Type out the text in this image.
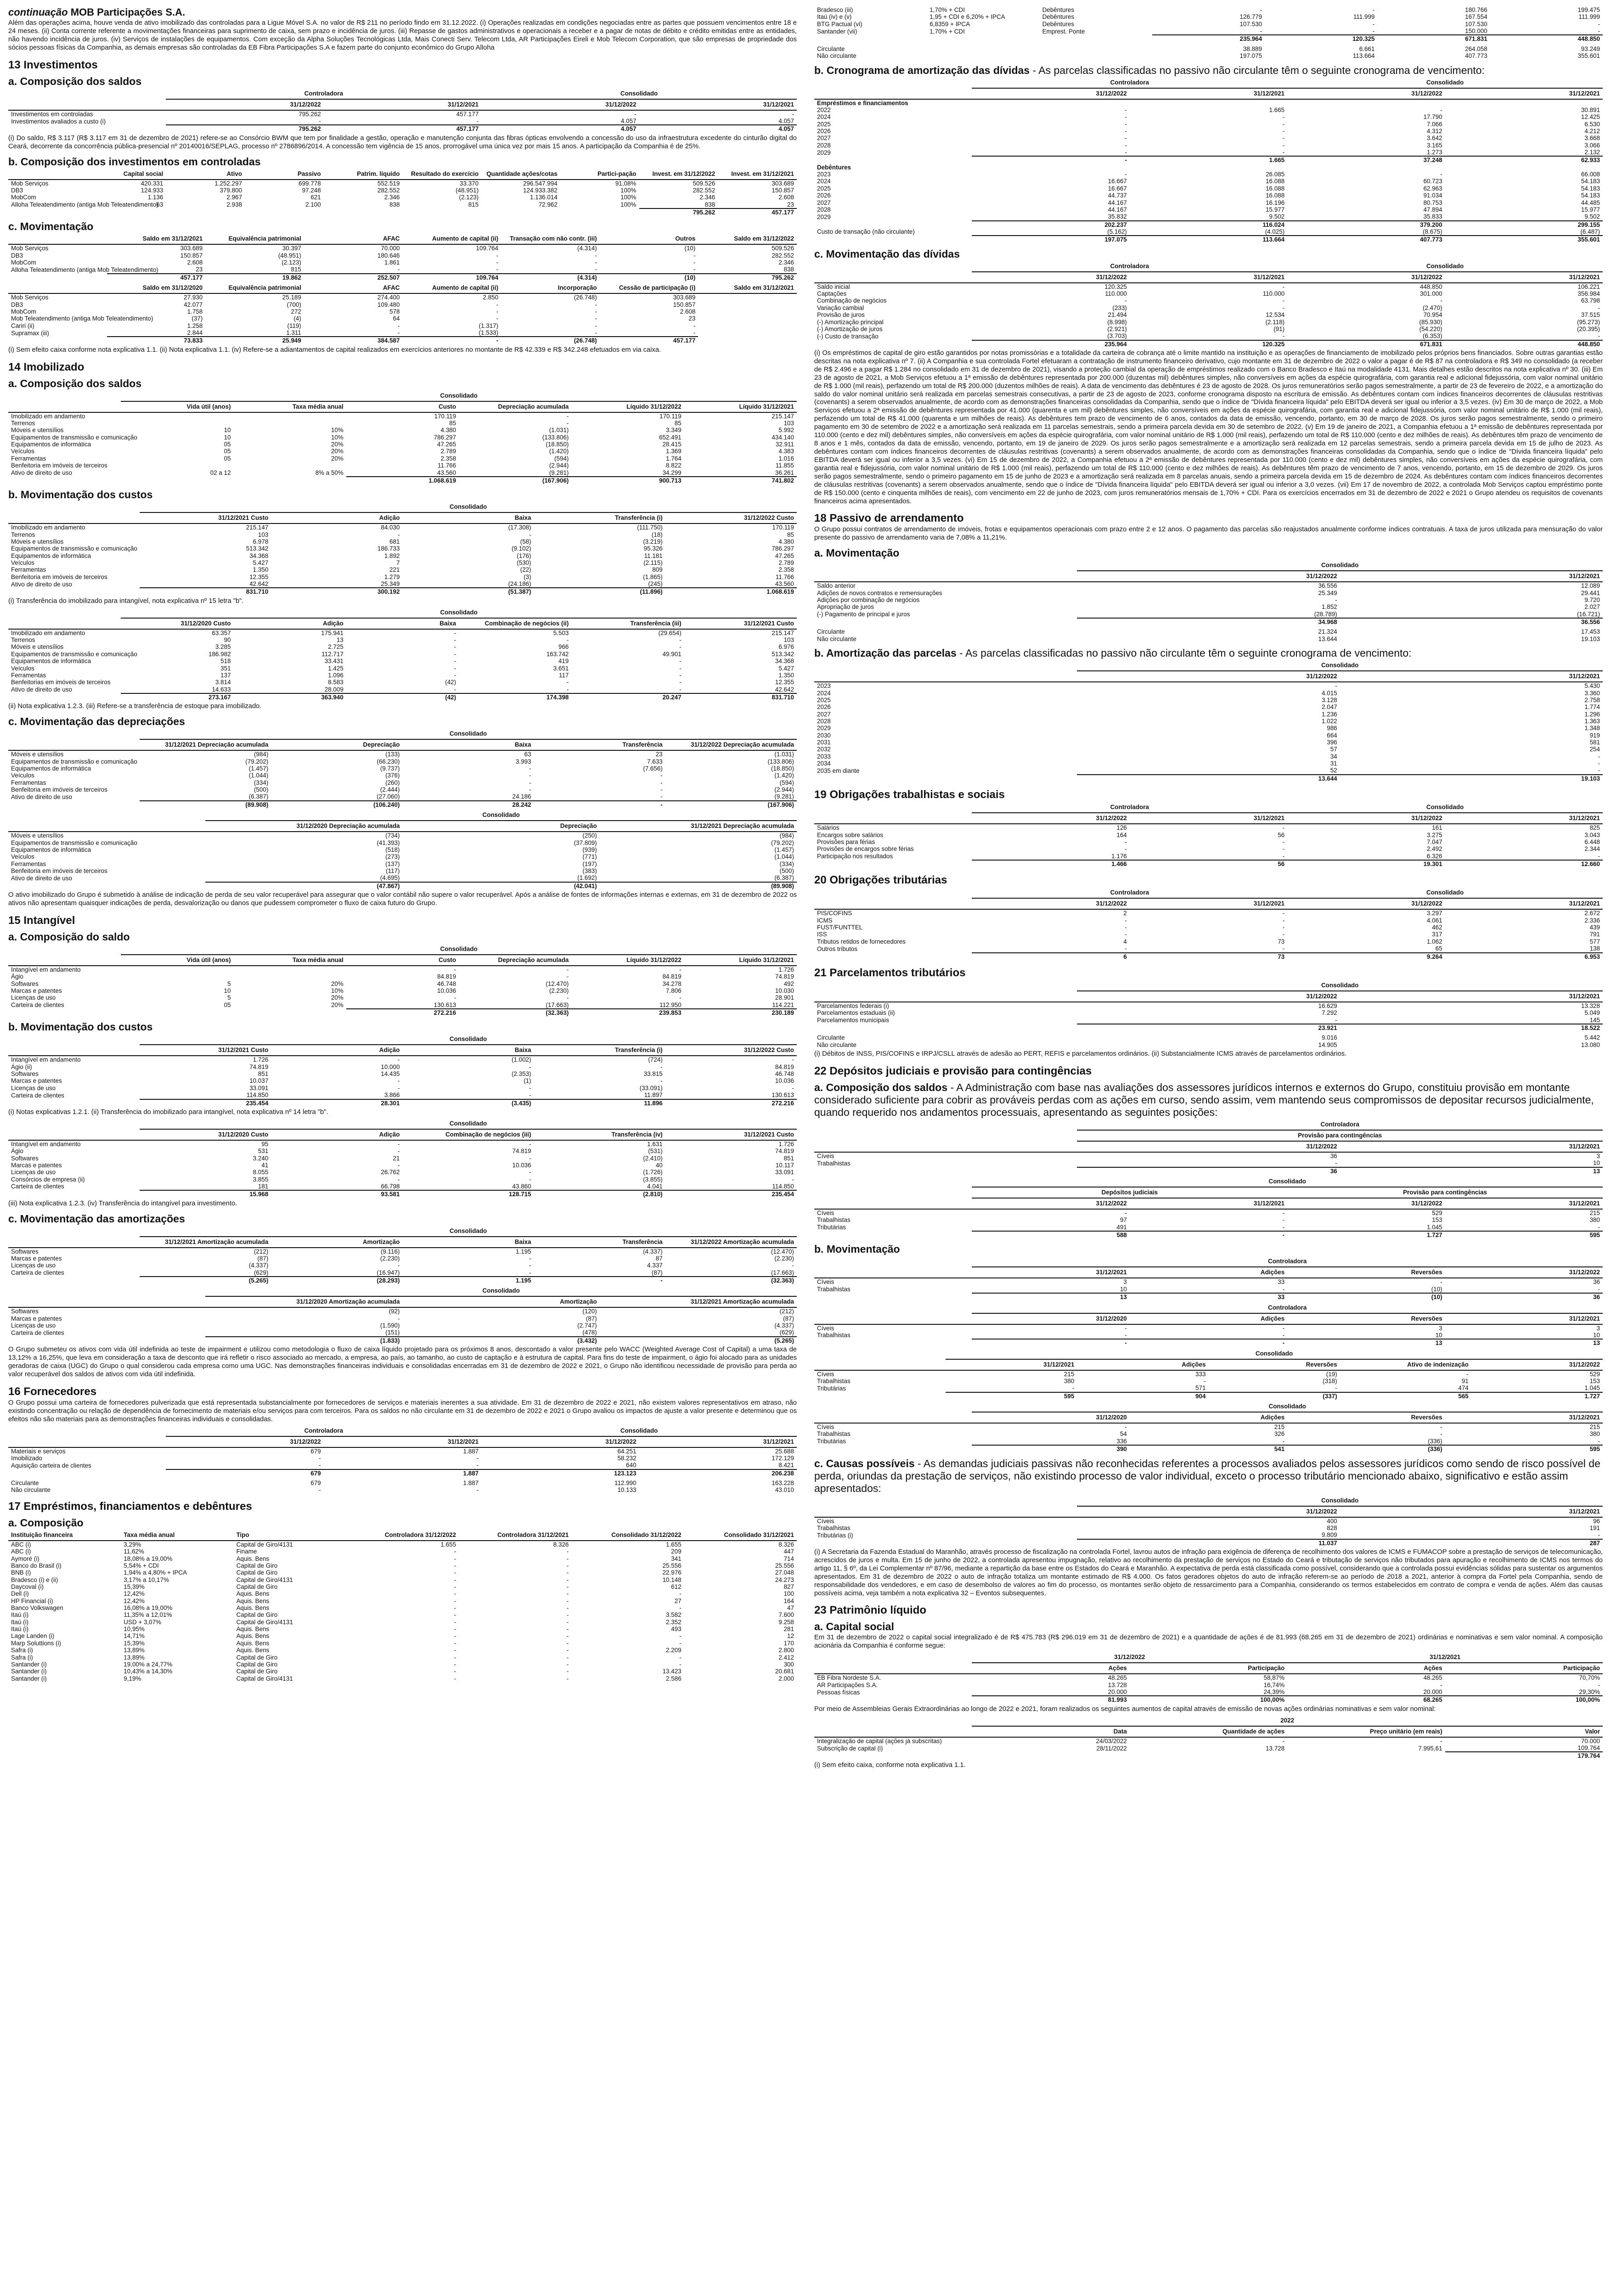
continuação MOB Participações S.A.

Além das operações acima, houve venda de ativo imobilizado das controladas para a Ligue Móvel S.A. no valor de R$ 211 no período findo em 31.12.2022. (i) Operações realizadas em condições negociadas entre as partes que possuem vencimentos entre 18 e 24 meses. (ii) Conta corrente referente a movimentações financeiras para suprimento de caixa, sem prazo e incidência de juros. (iii) Repasse de gastos administrativos e operacionais a receber e a pagar de notas de débito e crédito emitidas entre as entidades, não havendo incidência de juros. (iv) Serviços de instalações de equipamentos. Com exceção da Alpha Soluções Tecnológicas Ltda, Mais Conecti Serv. Telecom Ltda, AR Participações Eireli e Mob Telecom Corporation, que são empresas de propriedade dos sócios pessoas físicas da Companhia, as demais empresas são controladas da EB Fibra Participações S.A e fazem parte do conjunto econômico do Grupo Alloha

13 Investimentos
a. Composição dos saldos
	Controladora		Consolidado	
	31/12/2022	31/12/2021	31/12/2022	31/12/2021
Investimentos em controladas	795.262	457.177	-	-
Investimentos avaliados a custo (i)	-	-	4.057	4.057
	795.262	457.177	4.057	4.057

(i) Do saldo, R$ 3.117 (R$ 3.117 em 31 de dezembro de 2021) refere-se ao Consórcio BWM que tem por finalidade a gestão, operação e manutenção conjunta das fibras ópticas envolvendo a concessão do uso da infraestrutura excedente do cinturão digital do Ceará, decorrente da concorrência pública-presencial nº 20140016/SEPLAG, processo nº 2786896/2014. A concessão tem vigência de 15 anos, prorrogável uma única vez por mais 15 anos. A participação da Companhia é de 25%.

b. Composição dos investimentos em controladas
	Capital social	Ativo	Passivo	Patrim. líquido	Resultado do exercício	Quantidade ações/cotas	Partici-pação	Invest. em 31/12/2022	Invest. em 31/12/2021
Mob Serviços	420.331	1.252.297	699.778	552.519	33.370	296.547.994	91,08%	509.526	303.689
DB3	124.933	379.800	97.248	282.552	(48.951)	124.933.382	100%	282.552	150.857
MobCom	1.136	2.967	621	2.346	(2.123)	1.136.014	100%	2.346	2.608
Alloha Teleatendimento (antiga Mob Teleatendimento)	63	2.938	2.100	838	815	72.962	100%	838	23
								795.262	457.177
c. Movimentação
	Saldo em 31/12/2021	Equivalência patrimonial	AFAC	Aumento de capital (ii)	Transação com não contr. (iii)	Outros	Saldo em 31/12/2022
Mob Serviços	303.689	30.397	70.000	109.764	(4.314)	(10)	509.526
DB3	150.857	(48.951)	180.646	-	-	-	282.552
MobCom	2.608	(2.123)	1.861	-	-	-	2.346
Alloha Teleatendimento (antiga Mob Teleatendimento)	23	815	-	-	-	-	838
	457.177	19.862	252.507	109.764	(4.314)	(10)	795.262
	Saldo em 31/12/2020	Equivalência patrimonial	AFAC	Aumento de capital (ii)	Incorporação	Cessão de participação (i)	Saldo em 31/12/2021
Mob Serviços	27.930	25.189	274.400	2.850	(26.748)	303.689	
DB3	42.077	(700)	109.480	-	-	150.857	
MobCom	1.758	272	578	-	-	2.608	
Mob Teleatendimento (antiga Mob Teleatendimento)	(37)	(4)	64	-	-	23	
Cariri (ii)	1.258	(119)	-	(1.317)	-	-	
Supramax (iii)	2.844	1.311	-	(1.533)	-	-	
	73.833	25.949	384.587	-	(26.748)	457.177	

(i) Sem efeito caixa conforme nota explicativa 1.1. (ii) Nota explicativa 1.1. (iv) Refere-se a adiantamentos de capital realizados em exercícios anteriores no montante de R$ 42.339 e R$ 342.248 efetuados em via caixa.

14 Imobilizado
a. Composição dos saldos
	Consolidado					
	Vida útil (anos)	Taxa média anual	Custo	Depreciação acumulada	Líquido 31/12/2022	Líquido 31/12/2021
Imobilizado em andamento			170.119	-	170.119	215.147
Terrenos			85	-	85	103
Móveis e utensílios	10	10%	4.380	(1.031)	3.349	5.992
Equipamentos de transmissão e comunicação	10	10%	786.297	(133.806)	652.491	434.140
Equipamentos de informática	05	20%	47.265	(18.850)	28.415	32.911
Veículos	05	20%	2.789	(1.420)	1.369	4.383
Ferramentas	05	20%	2.358	(594)	1.764	1.016
Benfeitoria em imóveis de terceiros			11.766	(2.944)	8.822	11.855
Ativo de direito de uso	02 a 12	8% a 50%	43.560	(9.281)	34.299	36.261
			1.068.619	(167.906)	900.713	741.802
b. Movimentação dos custos
	Consolidado				
	31/12/2021 Custo	Adição	Baixa	Transferência (i)	31/12/2022 Custo
Imobilizado em andamento	215.147	84.030	(17.308)	(111.750)	170.119
Terrenos	103	-	-	(18)	85
Móveis e utensílios	6.978	681	(58)	(3.219)	4.380
Equipamentos de transmissão e comunicação	513.342	186.733	(9.102)	95.326	786.297
Equipamentos de informática	34.368	1.892	(176)	11.181	47.265
Veículos	5.427	7	(530)	(2.115)	2.789
Ferramentas	1.350	221	(22)	809	2.358
Benfeitoria em imóveis de terceiros	12.355	1.279	(3)	(1.865)	11.766
Ativo de direito de uso	42.642	25.349	(24.186)	(245)	43.560
	831.710	300.192	(51.387)	(11.896)	1.068.619

(i) Transferência do imobilizado para intangível, nota explicativa nº 15 letra "b".

	Consolidado					
	31/12/2020 Custo	Adição	Baixa	Combinação de negócios (ii)	Transferência (iii)	31/12/2021 Custo
Imobilizado em andamento	63.357	175.941	-	5.503	(29.654)	215.147
Terrenos	90	13	-	-	-	103
Móveis e utensílios	3.285	2.725	-	966	-	6.976
Equipamentos de transmissão e comunicação	186.982	112.717	-	163.742	49.901	513.342
Equipamentos de informática	518	33.431	-	419	-	34.368
Veículos	351	1.425	-	3.651	-	5.427
Ferramentas	137	1.096	-	117	-	1.350
Benfeitorias em imóveis de terceiros	3.814	8.583	(42)	-	-	12.355
Ativo de direito de uso	14.633	28.009	-	-	-	42.642
	273.167	363.940	(42)	174.398	20.247	831.710

(ii) Nota explicativa 1.2.3. (iii) Refere-se a transferência de estoque para imobilizado.

c. Movimentação das depreciações
	Consolidado				
	31/12/2021 Depreciação acumulada	Depreciação	Baixa	Transferência	31/12/2022 Depreciação acumulada
Móveis e utensílios	(984)	(133)	63	23	(1.031)
Equipamentos de transmissão e comunicação	(79.202)	(66.230)	3.993	7.633	(133.806)
Equipamentos de informática	(1.457)	(9.737)	-	(7.656)	(18.850)
Veículos	(1.044)	(376)	-	-	(1.420)
Ferramentas	(334)	(260)	-	-	(594)
Benfeitoria em imóveis de terceiros	(500)	(2.444)	-	-	(2.944)
Ativo de direito de uso	(6.387)	(27.060)	24.186	-	(9.281)
	(89.908)	(106.240)	28.242	-	(167.906)
	Consolidado		
	31/12/2020 Depreciação acumulada	Depreciação	31/12/2021 Depreciação acumulada
Móveis e utensílios	(734)	(250)	(984)
Equipamentos de transmissão e comunicação	(41.393)	(37.809)	(79.202)
Equipamentos de informática	(518)	(939)	(1.457)
Veículos	(273)	(771)	(1.044)
Ferramentas	(137)	(197)	(334)
Benfeitoria em imóveis de terceiros	(117)	(383)	(500)
Ativo de direito de uso	(4.695)	(1.692)	(6.387)
	(47.867)	(42.041)	(89.908)

O ativo imobilizado do Grupo é submetido à análise de indicação de perda de seu valor recuperável para assegurar que o valor contábil não supere o valor recuperável. Após a análise de fontes de informações internas e externas, em 31 de dezembro de 2022 os ativos não apresentam quaisquer indicações de perda, desvalorização ou danos que pudessem comprometer o fluxo de caixa futuro do Grupo.

15 Intangível
a. Composição do saldo
	Consolidado					
	Vida útil (anos)	Taxa média anual	Custo	Depreciação acumulada	Líquido 31/12/2022	Líquido 31/12/2021
Intangível em andamento			-	-	-	1.726
Ágio			84.819	-	84.819	74.819
Softwares	5	20%	46.748	(12.470)	34.278	492
Marcas e patentes	10	10%	10.036	(2.230)	7.806	10.030
Licenças de uso	5	20%	-	-	-	28.901
Carteira de clientes	05	20%	130.613	(17.663)	112.950	114.221
			272.216	(32.363)	239.853	230.189
b. Movimentação dos custos
	Consolidado				
	31/12/2021 Custo	Adição	Baixa	Transferência (i)	31/12/2022 Custo
Intangível em andamento	1.726	-	(1.002)	(724)	-
Ágio (ii)	74.819	10.000	-	-	84.819
Softwares	851	14.435	(2.353)	33.815	46.748
Marcas e patentes	10.037	-	(1)	-	10.036
Licenças de uso	33.091	-	-	(33.091)	-
Carteira de clientes	114.850	3.866	-	11.897	130.613
	235.454	28.301	(3.435)	11.896	272.216

(i) Notas explicativas 1.2.1. (ii) Transferência do imobilizado para intangível, nota explicativa nº 14 letra "b".

	Consolidado				
	31/12/2020 Custo	Adição	Combinação de negócios (iii)	Transferência (iv)	31/12/2021 Custo
Intangível em andamento	95	-	-	1.631	1.726
Ágio	531	-	74.819	(531)	74.819
Softwares	3.240	21	-	(2.410)	851
Marcas e patentes	41	-	10.036	40	10.117
Licenças de uso	8.055	26.762	-	(1.726)	33.091
Consórcios de empresa (ii)	3.855	-	-	(3.855)	-
Carteira de clientes	181	66.798	43.860	4.041	114.850
	15.968	93.581	128.715	(2.810)	235.454

(iii) Nota explicativa 1.2.3. (iv) Transferência do intangível para investimento.

c. Movimentação das amortizações
	Consolidado				
	31/12/2021 Amortização acumulada	Amortização	Baixa	Transferência	31/12/2022 Amortização acumulada
Softwares	(212)	(9.116)	1.195	(4.337)	(12.470)
Marcas e patentes	(87)	(2.230)	-	87	(2.230)
Licenças de uso	(4.337)	-	-	4.337	-
Carteira de clientes	(629)	(16.947)	-	(87)	(17.663)
	(5.265)	(28.293)	1.195	-	(32.363)
	Consolidado		
	31/12/2020 Amortização acumulada	Amortização	31/12/2021 Amortização acumulada
Softwares	(92)	(120)	(212)
Marcas e patentes	-	(87)	(87)
Licenças de uso	(1.590)	(2.747)	(4.337)
Carteira de clientes	(151)	(478)	(629)
	(1.833)	(3.432)	(5.265)

O Grupo submeteu os ativos com vida útil indefinida ao teste de impairment e utilizou como metodologia o fluxo de caixa líquido projetado para os próximos 8 anos, descontado a valor presente pelo WACC (Weighted Average Cost of Capital) a uma taxa de 13,12% a 16,25%, que leva em consideração a taxa de desconto que irá refletir o risco associado ao mercado, a empresa, ao país, ao tamanho, ao custo de captação e à estrutura de capital. Para fins do teste de impairment, o ágio foi alocado para as unidades geradoras de caixa (UGC) do Grupo o qual considerou cada empresa como uma UGC. Nas demonstrações financeiras individuais e consolidadas encerradas em 31 de dezembro de 2022 e 2021, o Grupo não identificou necessidade de provisão para perda ao valor recuperável dos saldos de ativos com vida útil indefinida.

16 Fornecedores

O Grupo possui uma carteira de fornecedores pulverizada que está representada substancialmente por fornecedores de serviços e materiais inerentes a sua atividade. Em 31 de dezembro de 2022 e 2021, não existem valores representativos em atraso, não existindo concentração ou relação de dependência de fornecimento de materiais e/ou serviços para com terceiros. Para os saldos no não circulante em 31 de dezembro de 2022 e 2021 o Grupo avaliou os impactos de ajuste a valor presente e determinou que os efeitos não são materiais para as demonstrações financeiras individuais e consolidadas.

	Controladora		Consolidado	
	31/12/2022	31/12/2021	31/12/2022	31/12/2021
Materiais e serviços	679	1.887	64.251	25.688
Imobilizado	-	-	58.232	172.129
Aquisição carteira de clientes	-	-	640	8.421
	679	1.887	123.123	206.238

Circulante	679	1.887	112.990	163.228
Não circulante	-	-	10.133	43.010
17 Empréstimos, financiamentos e debêntures
a. Composição
Instituição financeira	Taxa média anual	Tipo	Controladora 31/12/2022	Controladora 31/12/2021	Consolidado 31/12/2022	Consolidado 31/12/2021
ABC (i)	3,29%	Capital de Giro/4131	1.655	8.326	1.655	8.326
ABC (i)	11,62%	Finame	-	-	209	447
Aymoré (i)	18,08% a 19,00%	Aquis. Bens	-	-	341	714
Banco do Brasil (i)	5,54% + CDI	Capital de Giro	-	-	25.556	25.556
BNB (i)	1,94% a 4,80% + IPCA	Capital de Giro	-	-	22.976	27.048
Bradesco (i) e (ii)	3,17% a 10,17%	Capital de Giro/4131	-	-	10.148	24.273
Daycoval (i)	15,39%	Capital de Giro	-	-	612	827
Dell (i)	12,42%	Aquis. Bens	-	-	-	100
HP Financial (i)	12,42%	Aquis. Bens	-	-	27	164
Banco Volkswagen	16,08% a 19,00%	Aquis. Bens	-	-	-	47
Itaú (i)	11,35% a 12,01%	Capital de Giro	-	-	3.582	7.600
Itaú (i)	USD + 3,07%	Capital de Giro/4131	-	-	2.352	9.258
Itaú (i)	10,95%	Aquis. Bens	-	-	493	281
Lage Landen (i)	14,71%	Aquis. Bens	-	-	-	12
Marp Soluttions (i)	15,39%	Aquis. Bens	-	-	-	170
Safra (i)	13,89%	Aquis. Bens	-	-	2.209	2.800
Safra (i)	13,89%	Capital de Giro	-	-	-	2.412
Santander (i)	19,00% a 24,77%	Capital de Giro	-	-	-	300
Santander (i)	10,43% a 14,30%	Capital de Giro	-	-	13.423	20.681
Santander (i)	9,19%	Capital de Giro/4131	-	-	2.586	2.000
Bradesco (iii)	1,70% + CDI	Debêntures	-	-	180.766	199.475
Itaú (iv) e (v)	1,95 + CDI e 6,20% + IPCA	Debêntures	126.779	111.999	167.554	111.999
BTG Pactual (vi)	6,8359 + IPCA	Debêntures	107.530	-	107.530	-
Santander (vii)	1,70% + CDI	Emprest. Ponte	-	-	150.000	-
			235.964	120.325	671.831	448.850

Circulante			38.889	6.661	264.058	93.249
Não circulante			197.075	113.664	407.773	355.601
b. Cronograma de amortização das dívidas - As parcelas classificadas no passivo não circulante têm o seguinte cronograma de vencimento:
	Controladora		Consolidado	
	31/12/2022	31/12/2021	31/12/2022	31/12/2021
Empréstimos e financiamentos				
2022	-	1.665	-	30.891
2024	-	-	17.790	12.425
2025	-	-	7.066	6.530
2026	-	-	4.312	4.212
2027	-	-	3.642	3.668
2028	-	-	3.165	3.066
2029	-	-	1.273	2.132
	-	1.665	37.248	62.933
Debêntures				
2023	-	26.085	-	66.008
2024	16.667	16.088	60.723	54.183
2025	16.667	16.088	62.963	54.183
2026	44.737	16.088	91.034	54.183
2027	44.167	16.196	80.753	44.485
2028	44.167	15.977	47.894	15.977
2029	35.832	9.502	35.833	9.502
	202.237	116.024	379.200	299.155
Custo de transação (não circulante)	(5.162)	(4.025)	(8.675)	(6.487)
	197.075	113.664	407.773	355.601
c. Movimentação das dívidas
	Controladora		Consolidado	
	31/12/2022	31/12/2021	31/12/2022	31/12/2021
Saldo inicial	120.325	-	448.850	106.221
Captações	110.000	110.000	301.000	356.984
Combinação de negócios	-	-	-	63.798
Variação cambial	(233)	-	(2.470)	-
Provisão de juros	21.494	12.534	70.954	37.515
(-) Amortização principal	(8.998)	(2.118)	(85.930)	(95.273)
(-) Amortização de juros	(2.921)	(91)	(54.220)	(20.395)
(-) Custo de transação	(3.703)	-	(6.353)	-
	235.964	120.325	671.831	448.850

(i) Os empréstimos de capital de giro estão garantidos por notas promissórias e a totalidade da carteira de cobrança até o limite mantido na instituição e as operações de financiamento de imobilizado pelos próprios bens financiados. Sobre outras garantias estão descritas na nota explicativa nº 7. (ii) A Companhia e sua controlada Fortel efetuaram a contratação de instrumento financeiro derivativo, cujo montante em 31 de dezembro de 2022 o valor a pagar é de R$ 87 na controladora e R$ 349 no consolidado (a receber de R$ 2.496 e a pagar R$ 1.284 no consolidado em 31 de dezembro de 2021), visando a proteção cambial da operação de empréstimos realizado com o Banco Bradesco e Itaú na modalidade 4131. Mais detalhes estão descritos na nota explicativa nº 30. (iii) Em 23 de agosto de 2021, a Mob Serviços efetuou a 1ª emissão de debêntures representada por 200.000 (duzentas mil) debêntures simples, não conversíveis em ações da espécie quirografária, com garantia real e adicional fidejussória, com valor nominal unitário de R$ 1.000 (mil reais), perfazendo um total de R$ 200.000 (duzentos milhões de reais). A data de vencimento das debêntures é 23 de agosto de 2028. Os juros remuneratórios serão pagos semestralmente, a partir de 23 de fevereiro de 2022, e a amortização do saldo do valor nominal unitário será realizada em parcelas semestrais consecutivas, a partir de 23 de agosto de 2023, conforme cronograma disposto na escritura de emissão. As debêntures contam com índices financeiros decorrentes de cláusulas restritivas (covenants) a serem observados anualmente, de acordo com as demonstrações financeiras consolidadas da Companhia, sendo que o índice de "Dívida financeira líquida" pelo EBITDA deverá ser igual ou inferior a 3,5 vezes. (iv) Em 30 de março de 2022, a Mob Serviços efetuou a 2ª emissão de debêntures representada por 41.000 (quarenta e um mil) debêntures simples, não conversíveis em ações da espécie quirografária, com garantia real e adicional fidejussória, com valor nominal unitário de R$ 1.000 (mil reais), perfazendo um total de R$ 41.000 (quarenta e um milhões de reais). As debêntures tem prazo de vencimento de 6 anos, contados da data de emissão, vencendo, portanto, em 30 de março de 2028. Os juros serão pagos semestralmente, sendo o primeiro pagamento em 30 de setembro de 2022 e a amortização será realizada em 11 parcelas semestrais, sendo a primeira parcela devida em 30 de setembro de 2022. (v) Em 19 de janeiro de 2021, a Companhia efetuou a 1ª emissão de debêntures representada por 110.000 (cento e dez mil) debêntures simples, não conversíveis em ações da espécie quirografária, com valor nominal unitário de R$ 1.000 (mil reais), perfazendo um total de R$ 110.000 (cento e dez milhões de reais). As debêntures têm prazo de vencimento de 8 anos e 1 mês, contados da data de emissão, vencendo, portanto, em 19 de janeiro de 2029. Os juros serão pagos semestralmente e a amortização será realizada em 12 parcelas semestrais, sendo a primeira parcela devida em 15 de julho de 2023. As debêntures contam com índices financeiros decorrentes de cláusulas restritivas (covenants) a serem observados anualmente, de acordo com as demonstrações financeiras consolidadas da Companhia, sendo que o índice de "Dívida financeira líquida" pelo EBITDA deverá ser igual ou inferior a 3,5 vezes. (vi) Em 15 de dezembro de 2022, a Companhia efetuou a 2ª emissão de debêntures representada por 110.000 (cento e dez mil) debêntures simples, não conversíveis em ações da espécie quirografária, com garantia real e fidejussória, com valor nominal unitário de R$ 1.000 (mil reais), perfazendo um total de R$ 110.000 (cento e dez milhões de reais). As debêntures têm prazo de vencimento de 7 anos, vencendo, portanto, em 15 de dezembro de 2029. Os juros serão pagos semestralmente, sendo o primeiro pagamento em 15 de junho de 2023 e a amortização será realizada em 8 parcelas anuais, sendo a primeira parcela devida em 15 de dezembro de 2024. As debêntures contam com índices financeiros decorrentes de cláusulas restritivas (covenants) a serem observados anualmente, sendo que o índice de "Dívida financeira líquida" pelo EBITDA deverá ser igual ou inferior a 3,0 vezes. (vii) Em 17 de novembro de 2022, a controlada Mob Serviços captou empréstimo ponte de R$ 150.000 (cento e cinquenta milhões de reais), com vencimento em 22 de junho de 2023, com juros remuneratórios mensais de 1,70% + CDI. Para os exercícios encerrados em 31 de dezembro de 2022 e 2021 o Grupo atendeu os requisitos de covenants financeiros acima apresentados.

18 Passivo de arrendamento

O Grupo possui contratos de arrendamento de imóveis, frotas e equipamentos operacionais com prazo entre 2 e 12 anos. O pagamento das parcelas são reajustados anualmente conforme índices contratuais. A taxa de juros utilizada para mensuração do valor presente do passivo de arrendamento varia de 7,08% a 11,21%.

a. Movimentação
	Consolidado	
	31/12/2022	31/12/2021
Saldo anterior	36.556	12.089
Adições de novos contratos e remensurações	25.349	29.441
Adições por combinação de negócios	-	9.720
Apropriação de juros	1.852	2.027
(-) Pagamento de principal e juros	(28.789)	(16.721)
	34.968	36.556

Circulante	21.324	17.453
Não circulante	13.644	19.103
b. Amortização das parcelas - As parcelas classificadas no passivo não circulante têm o seguinte cronograma de vencimento:
	Consolidado	
	31/12/2022	31/12/2021
2023	-	5.430
2024	4.015	3.360
2025	3.128	2.758
2026	2.047	1.774
2027	1.236	1.296
2028	1.022	1.363
2029	986	1.348
2030	664	919
2031	396	581
2032	57	254
2033	34	-
2034	31	-
2035 em diante	52	-
	13.644	19.103
19 Obrigações trabalhistas e sociais
	Controladora		Consolidado	
	31/12/2022	31/12/2021	31/12/2022	31/12/2021
Salários	126	-	161	825
Encargos sobre salários	164	56	3.275	3.043
Provisões para férias	-	-	7.047	6.448
Provisões de encargos sobre férias	-	-	2.492	2.344
Participação nos resultados	1.176	-	6.326	-
	1.466	56	19.301	12.660
20 Obrigações tributárias
	Controladora		Consolidado	
	31/12/2022	31/12/2021	31/12/2022	31/12/2021
PIS/COFINS	2	-	3.297	2.672
ICMS	-	-	4.061	2.336
FUST/FUNTTEL	-	-	462	439
ISS	-	-	317	791
Tributos retidos de fornecedores	4	73	1.062	577
Outros tributos	-	-	65	138
	6	73	9.264	6.953
21 Parcelamentos tributários
	Consolidado	
	31/12/2022	31/12/2021
Parcelamentos federais (i)	16.629	13.328
Parcelamentos estaduais (ii)	7.292	5.049
Parcelamentos municipais	-	145
	23.921	18.522

Circulante	9.016	5.442
Não circulante	14.905	13.080

(i) Débitos de INSS, PIS/COFINS e IRPJ/CSLL através de adesão ao PERT, REFIS e parcelamentos ordinários. (ii) Substancialmente ICMS através de parcelamentos ordinários.

22 Depósitos judiciais e provisão para contingências
a. Composição dos saldos - A Administração com base nas avaliações dos assessores jurídicos internos e externos do Grupo, constituiu provisão em montante considerado suficiente para cobrir as prováveis perdas com as ações em curso, sendo assim, vem mantendo seus compromissos de depositar recursos judicialmente, quando requerido nos andamentos processuais, apresentando as seguintes posições:
	Controladora	
	Provisão para contingências	
	31/12/2022	31/12/2021
Cíveis	36	3
Trabalhistas	-	10
	36	13
	Consolidado			
	Depósitos judiciais		Provisão para contingências	
	31/12/2022	31/12/2021	31/12/2022	31/12/2021
Cíveis	-	-	529	215
Trabalhistas	97	-	153	380
Tributárias	491	-	1.045	-
	588	-	1.727	595
b. Movimentação
	Controladora			
	31/12/2021	Adições	Reversões	31/12/2022
Cíveis	3	33	-	36
Trabalhistas	10	-	(10)	-
	13	33	(10)	36
	Controladora			
	31/12/2020	Adições	Reversões	31/12/2021
Cíveis	-	-	3	3
Trabalhistas	-	-	10	10
	-	-	13	13
	Consolidado				
	31/12/2021	Adições	Reversões	Ativo de indenização	31/12/2022
Cíveis	215	333	(19)	-	529
Trabalhistas	380	-	(318)	91	153
Tributárias	-	571	-	474	1.045
	595	904	(337)	565	1.727
	Consolidado			
	31/12/2020	Adições	Reversões	31/12/2021
Cíveis	-	215	-	215
Trabalhistas	54	326	-	380
Tributárias	336	-	(336)	-
	390	541	(336)	595
c. Causas possíveis - As demandas judiciais passivas não reconhecidas referentes a processos avaliados pelos assessores jurídicos como sendo de risco possível de perda, oriundas da prestação de serviços, não existindo processo de valor individual, exceto o processo tributário mencionado abaixo, significativo e estão assim apresentados:
	Consolidado	
	31/12/2022	31/12/2021
Cíveis	400	96
Trabalhistas	828	191
Tributárias (i)	9.809	-
	11.037	287

(i) A Secretaria da Fazenda Estadual do Maranhão, através processo de fiscalização na controlada Fortel, lavrou autos de infração para exigência de diferença de recolhimento dos valores de ICMS e FUMACOP sobre a prestação de serviços de telecomunicação, acrescidos de juros e multa. Em 15 de junho de 2022, a controlada apresentou impugnação, relativo ao recolhimento da prestação de serviços no Estado do Ceará e tributação de serviços não tributados para apuração e recolhimento de ICMS nos termos do artigo 11, § 6º, da Lei Complementar nº 87/96, mediante a repartição da base entre os Estados do Ceará e Maranhão. A expectativa de perda está classificada como possível, considerando que a controlada possui evidências sólidas para sustentar os argumentos apresentados. Em 31 de dezembro de 2022 o auto de infração totaliza um montante estimado de R$ 4.000. Os fatos geradores objetos do auto de infração referem-se ao período de 2018 a 2021, anterior à compra da Fortel pela Companhia, sendo de responsabilidade dos vendedores, e em caso de desembolso de valores ao fim do processo, os montantes serão objeto de ressarcimento para a Companhia, considerando os termos estabelecidos em contrato de compra e venda de ações. Além das causas possíveis acima, veja também a nota explicativa 32 – Eventos subsequentes.

23 Patrimônio líquido
a. Capital social

Em 31 de dezembro de 2022 o capital social integralizado é de R$ 475.783 (R$ 296.019 em 31 de dezembro de 2021) e a quantidade de ações é de 81.993 (68.265 em 31 de dezembro de 2021) ordinárias e nominativas e sem valor nominal. A composição acionária da Companhia é conforme segue:

	31/12/2022		31/12/2021	
	Ações	Participação	Ações	Participação
EB Fibra Nordeste S.A.	48.265	58,87%	48.265	70,70%
AR Participações S.A.	13.728	16,74%	-	-
Pessoas físicas	20.000	24,39%	20.000	29,30%
	81.993	100,00%	68.265	100,00%

Por meio de Assembleias Gerais Extraordinárias ao longo de 2022 e 2021, foram realizados os seguintes aumentos de capital através de emissão de novas ações ordinárias nominativas e sem valor nominal:

	2022			
	Data	Quantidade de ações	Preço unitário (em reais)	Valor
Integralização de capital (ações já subscritas)	24/03/2022	-	-	70.000
Subscrição de capital (i)	28/11/2022	13.728	7.995,61	109.764
				179.764

(i) Sem efeito caixa, conforme nota explicativa 1.1.
